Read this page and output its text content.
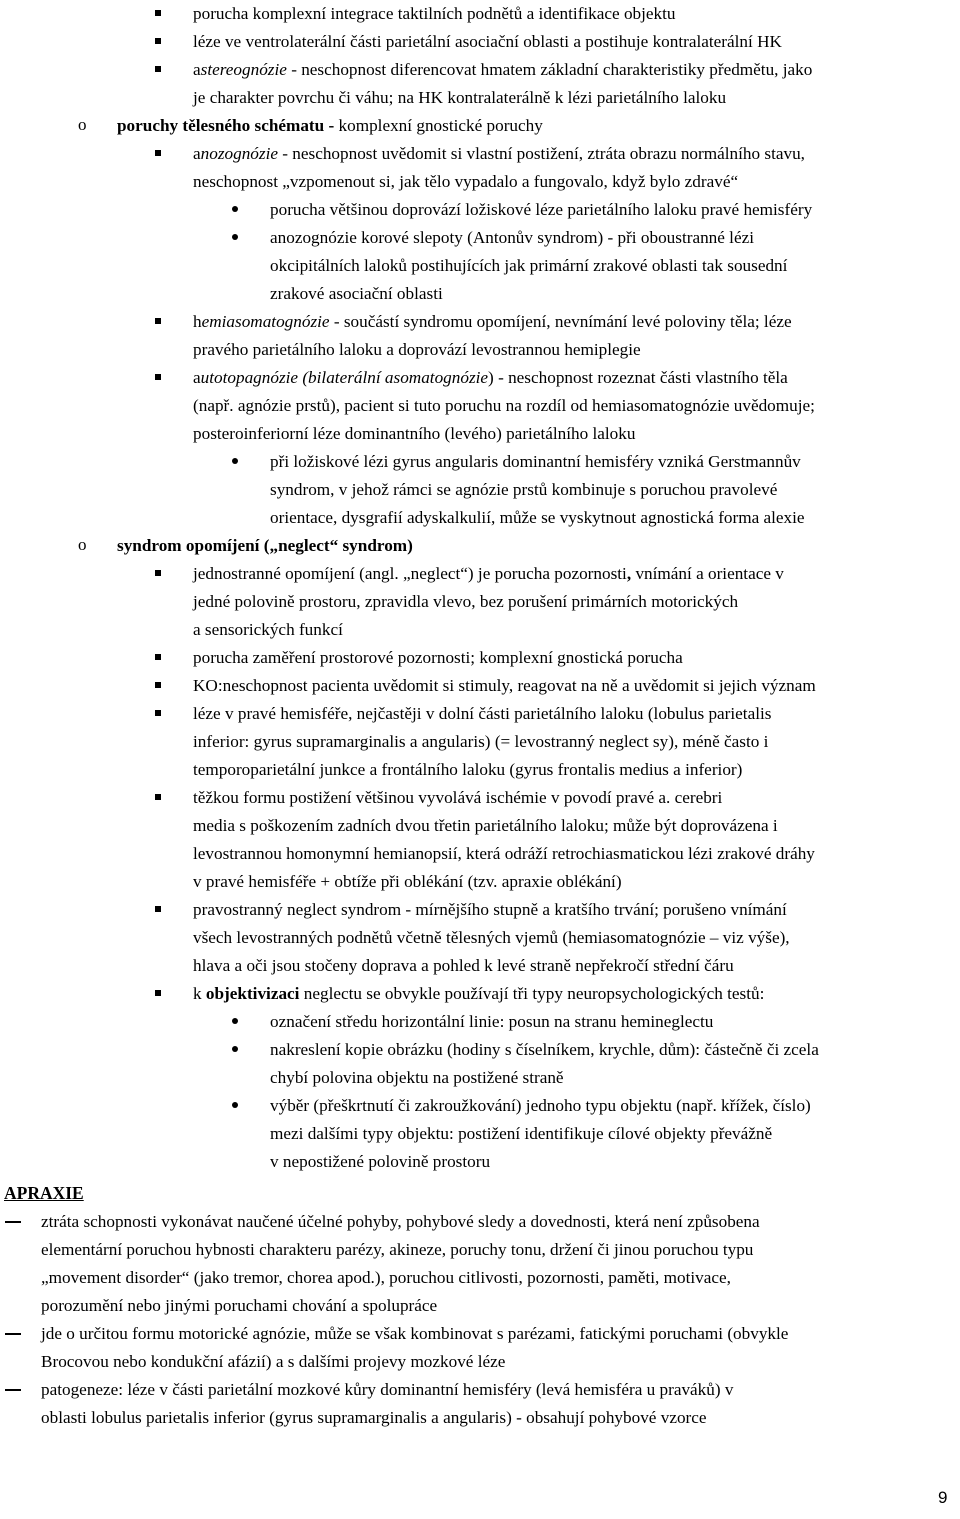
porucha komplexní integrace taktilních podnětů a identifikace objektu
léze ve ventrolaterální části parietální asociační oblasti a postihuje kontralaterální HK
astereognózie - neschopnost diferencovat hmatem základní charakteristiky předmětu, jako
je charakter povrchu či váhu; na HK kontralaterálně k lézi parietálního laloku
o poruchy tělesného schématu - komplexní gnostické poruchy
anozognózie - neschopnost uvědomit si vlastní postižení, ztráta obrazu normálního stavu,
neschopnost „vzpomenout si, jak tělo vypadalo a fungovalo, když bylo zdravé“
porucha většinou doprovází ložiskové léze parietálního laloku pravé hemisféry
anozognózie korové slepoty (Antonův syndrom) - při oboustranné lézi
okcipitálních laloků postihujících jak primární zrakové oblasti tak sousední
zrakové asociační oblasti
hemiasomatognózie - součástí syndromu opomíjení, nevnímání levé poloviny těla; léze
pravého parietálního laloku a doprovází levostrannou hemiplegie
autotopagnózie (bilaterální asomatognózie) - neschopnost rozeznat části vlastního těla
(např. agnózie prstů), pacient si tuto poruchu na rozdíl od hemiasomatognózie uvědomuje;
posteroinferiorní léze dominantního (levého) parietálního laloku
při ložiskové lézi gyrus angularis dominantní hemisféry vzniká Gerstmannův
syndrom, v jehož rámci se agnózie prstů kombinuje s poruchou pravolevé
orientace, dysgrafií adyskalkulií, může se vyskytnout agnostická forma alexie
o syndrom opomíjení („neglect“ syndrom)
jednostranné opomíjení (angl. „neglect“) je porucha pozornosti, vnímání a orientace v
jedné polovině prostoru, zpravidla vlevo, bez porušení primárních motorických
a sensorických funkcí
porucha zaměření prostorové pozornosti; komplexní gnostická porucha
KO:neschopnost pacienta uvědomit si stimuly, reagovat na ně a uvědomit si jejich význam
léze v pravé hemisféře, nejčastěji v dolní části parietálního laloku (lobulus parietalis
inferior: gyrus supramarginalis a angularis) (= levostranný neglect sy), méně často i
temporoparietální junkce a frontálního laloku (gyrus frontalis medius a inferior)
těžkou formu postižení většinou vyvolává ischémie v povodí pravé a. cerebri
media s poškozením zadních dvou třetin parietálního laloku; může být doprovázena i
levostrannou homonymní hemianopsií, která odráží retrochiasmatickou lézi zrakové dráhy
v pravé hemisféře + obtíže při oblékání (tzv. apraxie oblékání)
pravostranný neglect syndrom - mírnějšího stupně a kratšího trvání; porušeno vnímání
všech levostranných podnětů včetně tělesných vjemů (hemiasomatognózie – viz výše),
hlava a oči jsou stočeny doprava a pohled k levé straně nepřekročí střední čáru
k objektivizaci neglectu se obvykle používají tři typy neuropsychologických testů:
označení středu horizontální linie: posun na stranu hemineglectu
nakreslení kopie obrázku (hodiny s číselníkem, krychle, dům): částečně či zcela
chybí polovina objektu na postižené straně
výběr (přeškrtnutí či zakroužkování) jednoho typu objektu (např. křížek, číslo)
mezi dalšími typy objektu: postižení identifikuje cílové objekty převážně
v nepostižené polovině prostoru
APRAXIE
ztráta schopnosti vykonávat naučené účelné pohyby, pohybové sledy a dovednosti, která není způsobena
elementární poruchou hybnosti charakteru parézy, akineze, poruchy tonu, držení či jinou poruchou typu
„movement disorder“ (jako tremor, chorea apod.), poruchou citlivosti, pozornosti, paměti, motivace,
porozumění nebo jinými poruchami chování a spolupráce
jde o určitou formu motorické agnózie, může se však kombinovat s parézami, fatickými poruchami (obvykle
Brocovou nebo kondukční afázií) a s dalšími projevy mozkové léze
patogeneze: léze v části parietální mozkové kůry dominantní hemisféry (levá hemisféra u praváků) v
oblasti lobulus parietalis inferior (gyrus supramarginalis a angularis) - obsahují pohybové vzorce
9
